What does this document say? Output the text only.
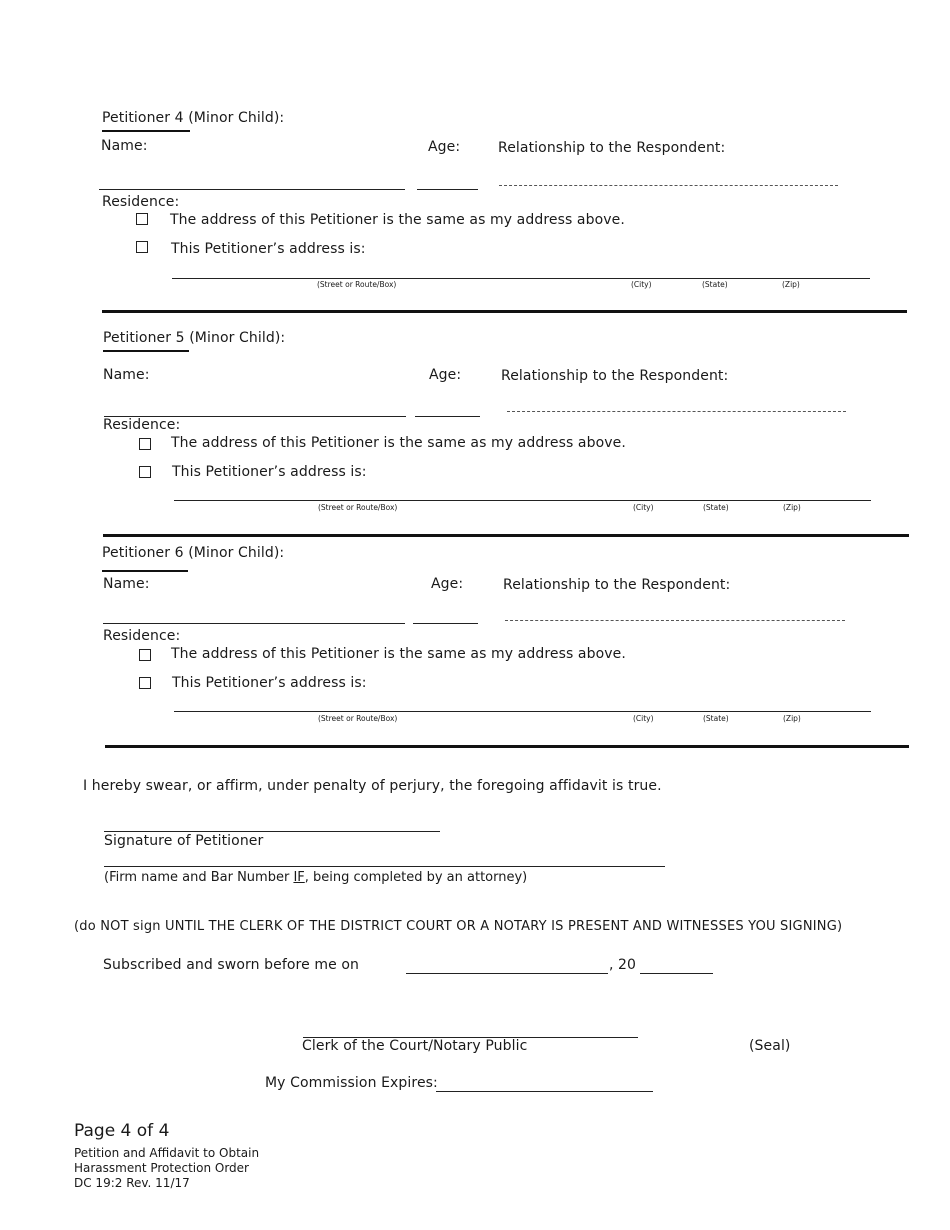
Petitioner 4 (Minor Child):
Name:	Age:	Relationship to the Respondent:
Residence:
The address of this Petitioner is the same as my address above.
This Petitioner’s address is:
(Street or Route/Box)	(City)	(State)	(Zip)
Petitioner 5 (Minor Child):
Name:	Age:	Relationship to the Respondent:
Residence:
The address of this Petitioner is the same as my address above.
This Petitioner’s address is:
(Street or Route/Box)	(City)	(State)	(Zip)
Petitioner 6 (Minor Child):
Name:	Age:	Relationship to the Respondent:
Residence:
The address of this Petitioner is the same as my address above.
This Petitioner’s address is:
(Street or Route/Box)	(City)	(State)	(Zip)
I hereby swear, or affirm, under penalty of perjury, the foregoing affidavit is true.
Signature of Petitioner
(Firm name and Bar Number IF, being completed by an attorney)
(do NOT sign UNTIL THE CLERK OF THE DISTRICT COURT OR A NOTARY IS PRESENT AND WITNESSES YOU SIGNING)
Subscribed and sworn before me on	, 20
Clerk of the Court/Notary Public	(Seal)
My Commission Expires:
Page 4 of 4
Petition and Affidavit to Obtain
Harassment Protection Order
DC 19:2 Rev. 11/17
